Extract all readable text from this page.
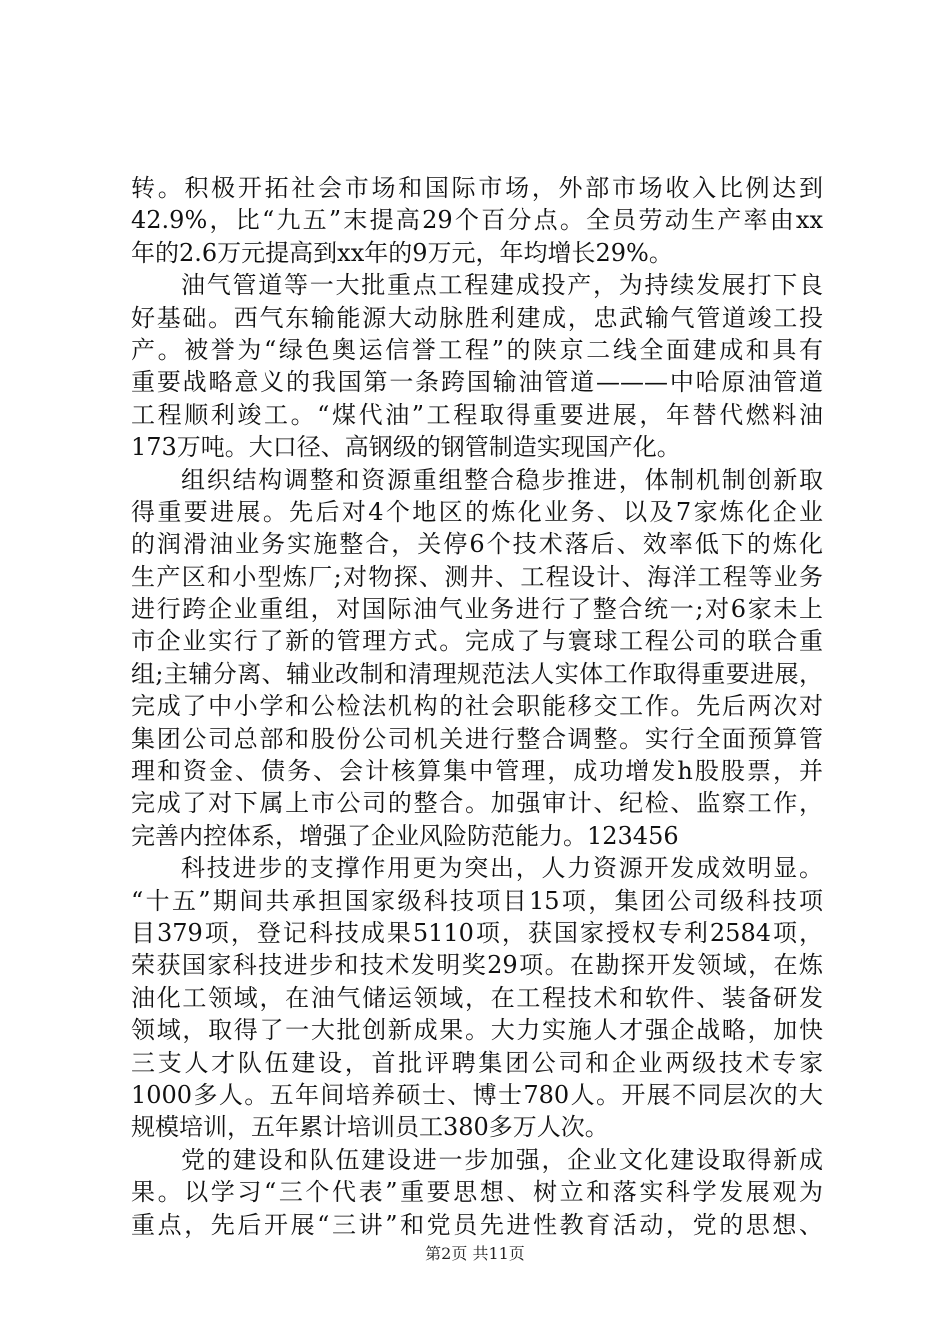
转。积极开拓社会市场和国际市场，外部市场收入比例达到
42.9%，比“九五”末提高29个百分点。全员劳动生产率由xx
年的2.6万元提高到xx年的9万元，年均增长29%。
油气管道等一大批重点工程建成投产，为持续发展打下良
好基础。西气东输能源大动脉胜利建成，忠武输气管道竣工投
产。被誉为“绿色奥运信誉工程”的陕京二线全面建成和具有
重要战略意义的我国第一条跨国输油管道———中哈原油管道
工程顺利竣工。“煤代油”工程取得重要进展，年替代燃料油
173万吨。大口径、高钢级的钢管制造实现国产化。
组织结构调整和资源重组整合稳步推进，体制机制创新取
得重要进展。先后对4个地区的炼化业务、以及7家炼化企业
的润滑油业务实施整合，关停6个技术落后、效率低下的炼化
生产区和小型炼厂;对物探、测井、工程设计、海洋工程等业务
进行跨企业重组，对国际油气业务进行了整合统一;对6家未上
市企业实行了新的管理方式。完成了与寰球工程公司的联合重
组;主辅分离、辅业改制和清理规范法人实体工作取得重要进展，
完成了中小学和公检法机构的社会职能移交工作。先后两次对
集团公司总部和股份公司机关进行整合调整。实行全面预算管
理和资金、债务、会计核算集中管理，成功增发h股股票，并
完成了对下属上市公司的整合。加强审计、纪检、监察工作，
完善内控体系，增强了企业风险防范能力。123456
科技进步的支撑作用更为突出，人力资源开发成效明显。
“十五”期间共承担国家级科技项目15项，集团公司级科技项
目379项，登记科技成果5110项，获国家授权专利2584项，
荣获国家科技进步和技术发明奖29项。在勘探开发领域，在炼
油化工领域，在油气储运领域，在工程技术和软件、装备研发
领域，取得了一大批创新成果。大力实施人才强企战略，加快
三支人才队伍建设，首批评聘集团公司和企业两级技术专家
1000多人。五年间培养硕士、博士780人。开展不同层次的大
规模培训，五年累计培训员工380多万人次。
党的建设和队伍建设进一步加强，企业文化建设取得新成
果。以学习“三个代表”重要思想、树立和落实科学发展观为
重点，先后开展“三讲”和党员先进性教育活动，党的思想、
第2页 共11页
